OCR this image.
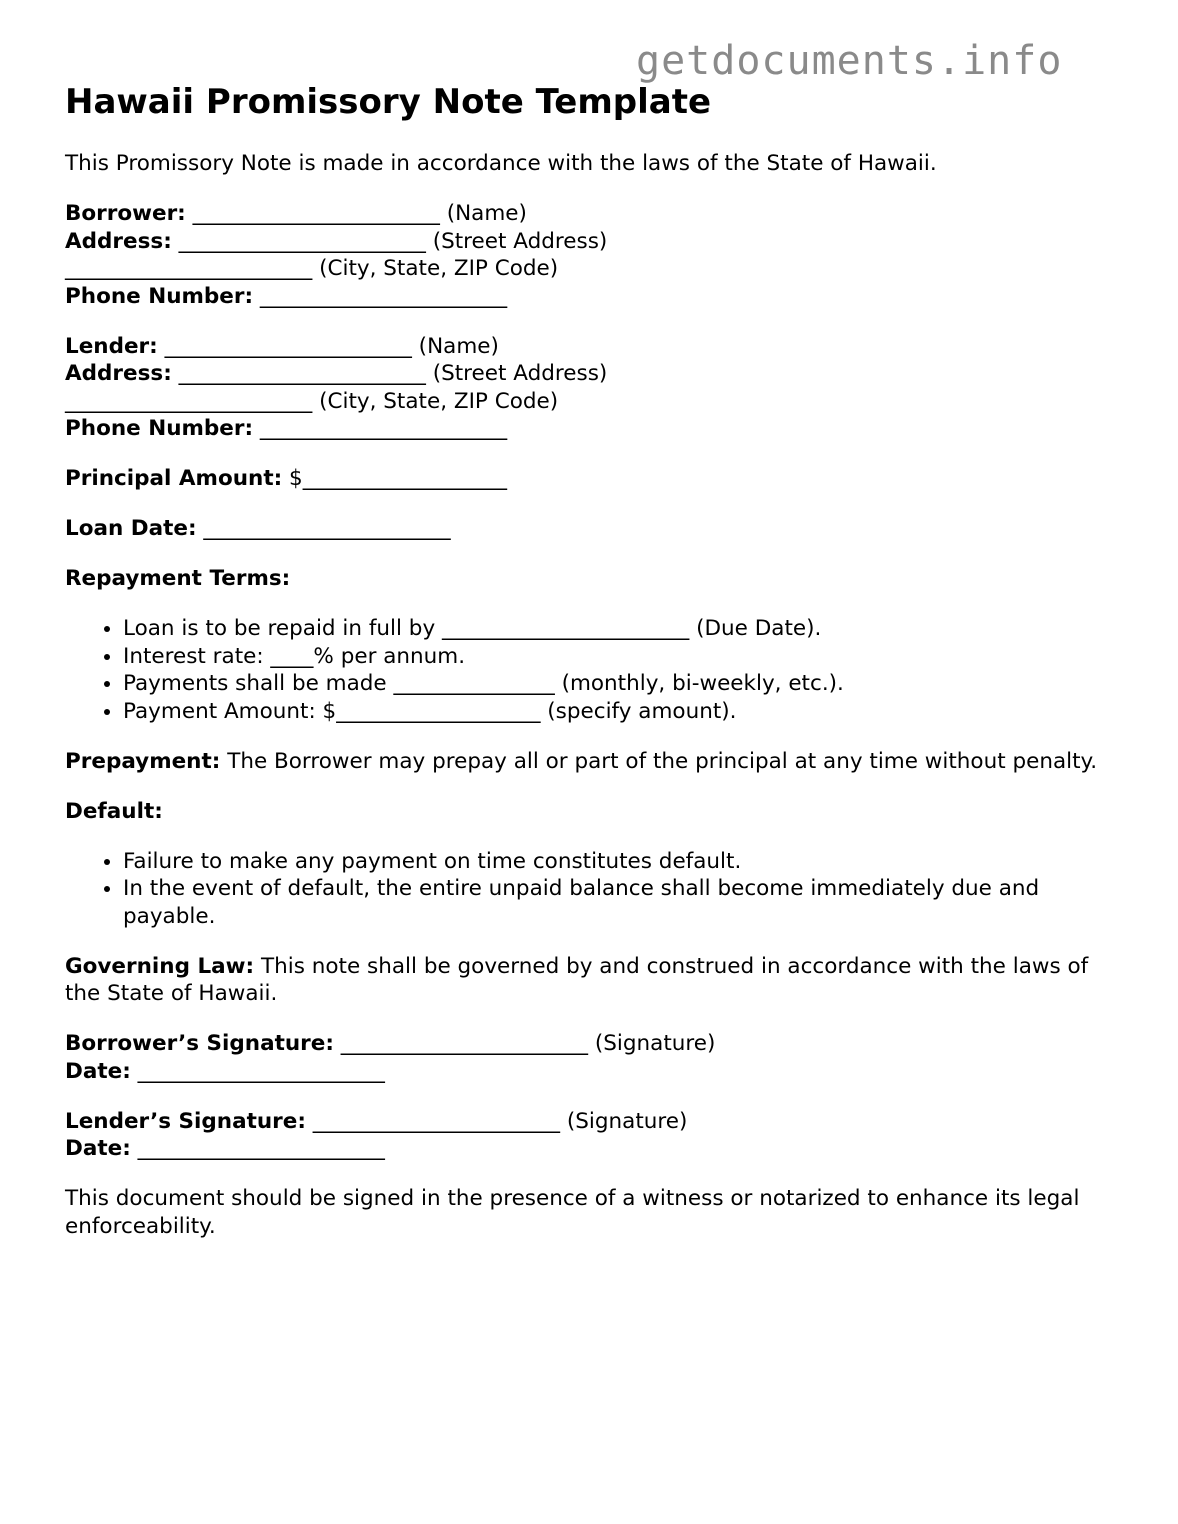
getdocuments.info
Hawaii Promissory Note Template

This Promissory Note is made in accordance with the laws of the State of Hawaii.

Borrower: _______________________ (Name)
Address: _______________________ (Street Address)
_______________________ (City, State, ZIP Code)
Phone Number: _______________________

Lender: _______________________ (Name)
Address: _______________________ (Street Address)
_______________________ (City, State, ZIP Code)
Phone Number: _______________________

Principal Amount: $___________________

Loan Date: _______________________

Repayment Terms:

• Loan is to be repaid in full by _______________________ (Due Date).
• Interest rate: ____% per annum.
• Payments shall be made _______________ (monthly, bi-weekly, etc.).
• Payment Amount: $___________________ (specify amount).

Prepayment: The Borrower may prepay all or part of the principal at any time without penalty.

Default:

• Failure to make any payment on time constitutes default.
• In the event of default, the entire unpaid balance shall become immediately due and payable.

Governing Law: This note shall be governed by and construed in accordance with the laws of the State of Hawaii.

Borrower’s Signature: _______________________ (Signature)
Date: _______________________

Lender’s Signature: _______________________ (Signature)
Date: _______________________

This document should be signed in the presence of a witness or notarized to enhance its legal enforceability.
